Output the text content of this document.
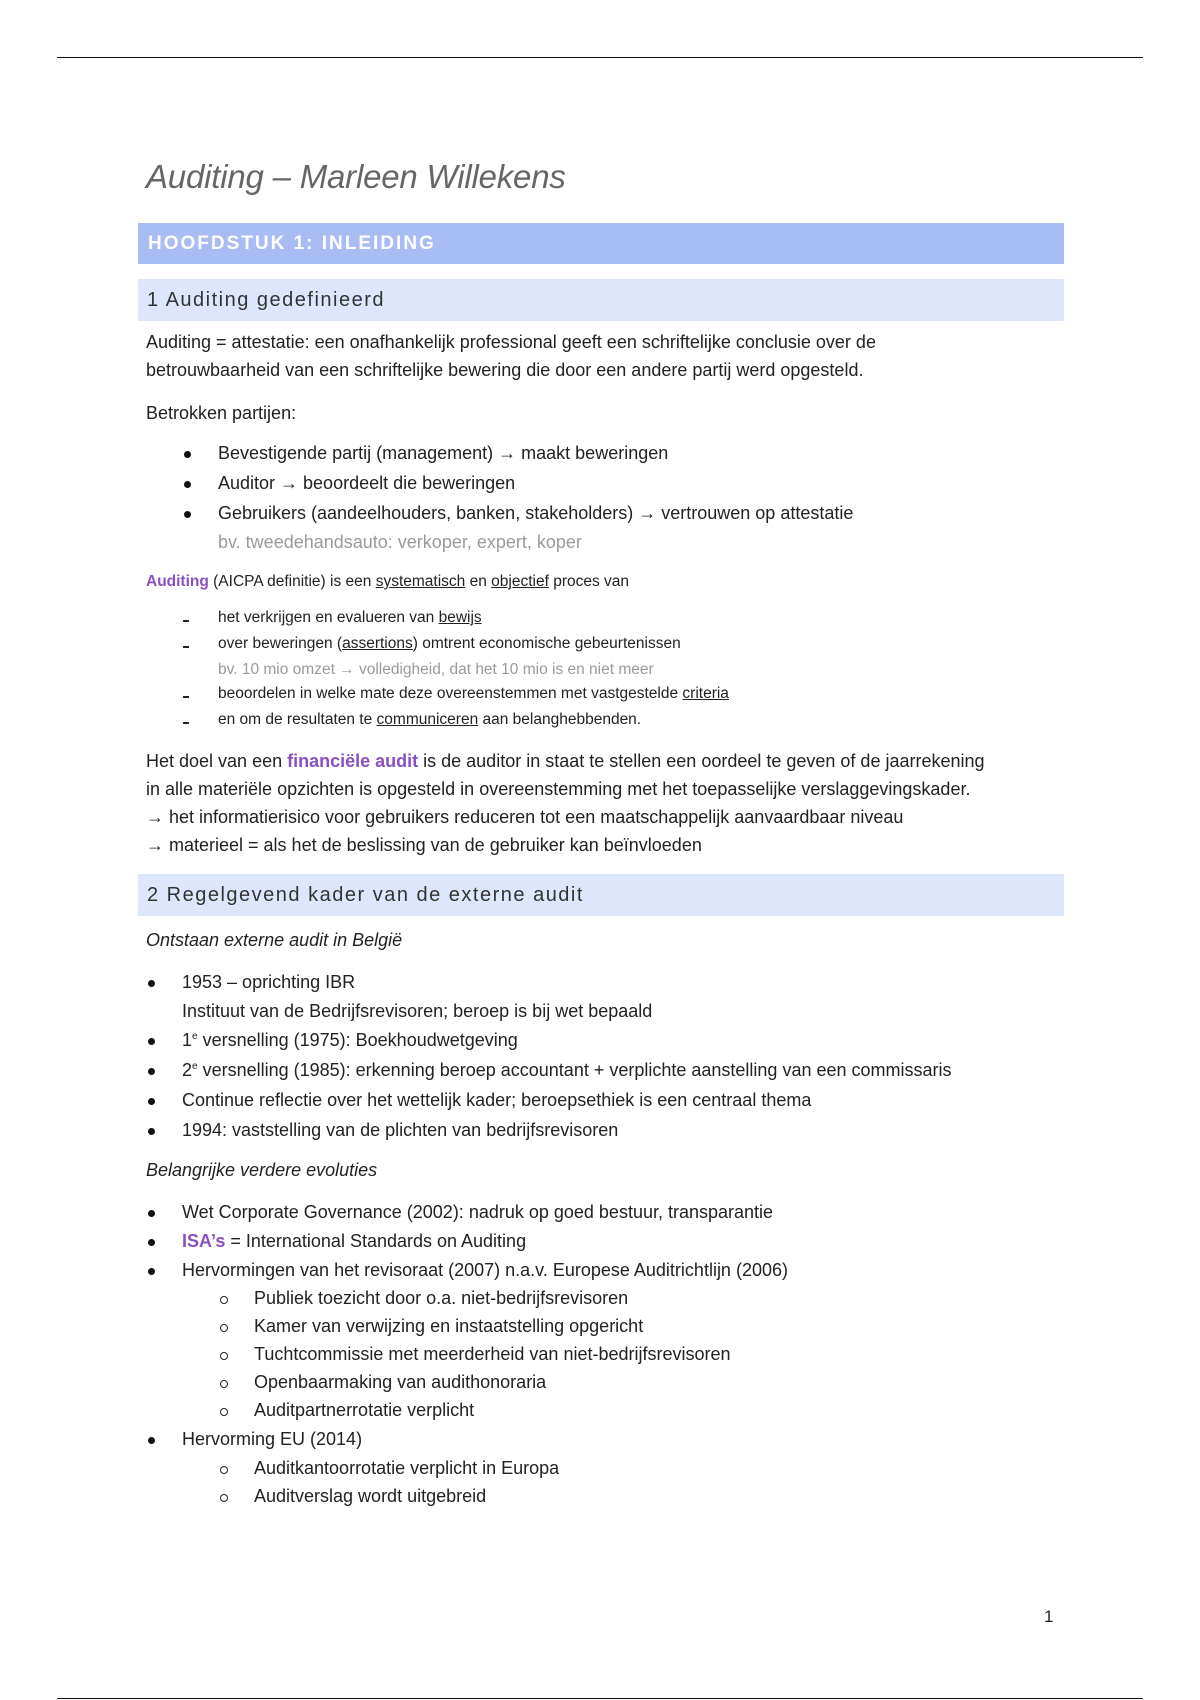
Auditing – Marleen Willekens
HOOFDSTUK 1: INLEIDING
1 Auditing gedefinieerd

Auditing = attestatie: een onafhankelijk professional geeft een schriftelijke conclusie over de

betrouwbaarheid van een schriftelijke bewering die door een andere partij werd opgesteld.

Betrokken partijen:

Bevestigende partij (management) → maakt beweringen

Auditor → beoordeelt die beweringen

Gebruikers (aandeelhouders, banken, stakeholders) → vertrouwen op attestatie

bv. tweedehandsauto: verkoper, expert, koper

Auditing (AICPA definitie) is een systematisch en objectief proces van

het verkrijgen en evalueren van bewijs

over beweringen (assertions) omtrent economische gebeurtenissen

bv. 10 mio omzet → volledigheid, dat het 10 mio is en niet meer

beoordelen in welke mate deze overeenstemmen met vastgestelde criteria

en om de resultaten te communiceren aan belanghebbenden.

Het doel van een financiële audit is de auditor in staat te stellen een oordeel te geven of de jaarrekening

in alle materiële opzichten is opgesteld in overeenstemming met het toepasselijke verslaggevingskader.

→ het informatierisico voor gebruikers reduceren tot een maatschappelijk aanvaardbaar niveau

→ materieel = als het de beslissing van de gebruiker kan beïnvloeden

2 Regelgevend kader van de externe audit

Ontstaan externe audit in België

1953 – oprichting IBR

Instituut van de Bedrijfsrevisoren; beroep is bij wet bepaald

1e versnelling (1975): Boekhoudwetgeving

2e versnelling (1985): erkenning beroep accountant + verplichte aanstelling van een commissaris

Continue reflectie over het wettelijk kader; beroepsethiek is een centraal thema

1994: vaststelling van de plichten van bedrijfsrevisoren

Belangrijke verdere evoluties

Wet Corporate Governance (2002): nadruk op goed bestuur, transparantie

ISA’s = International Standards on Auditing

Hervormingen van het revisoraat (2007) n.a.v. Europese Auditrichtlijn (2006)

Publiek toezicht door o.a. niet-bedrijfsrevisoren

Kamer van verwijzing en instaatstelling opgericht

Tuchtcommissie met meerderheid van niet-bedrijfsrevisoren

Openbaarmaking van audithonoraria

Auditpartnerrotatie verplicht

Hervorming EU (2014)

Auditkantoorrotatie verplicht in Europa

Auditverslag wordt uitgebreid

1
